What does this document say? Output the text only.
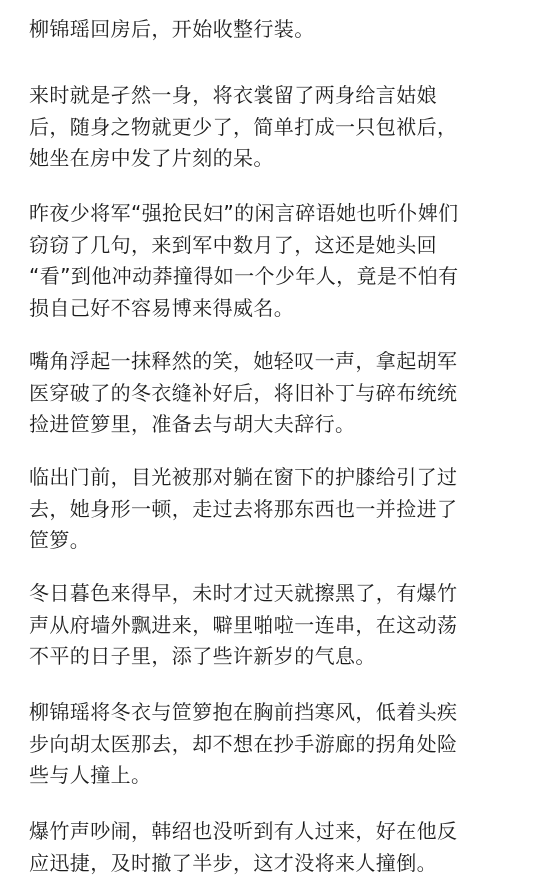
柳锦瑶回房后，开始收整行装。

来时就是孑然一身，将衣裳留了两身给言姑娘
后，随身之物就更少了，简单打成一只包袱后，
她坐在房中发了片刻的呆。

昨夜少将军“强抢民妇”的闲言碎语她也听仆婢们
窃窃了几句，来到军中数月了，这还是她头回
“看”到他冲动莽撞得如一个少年人，竟是不怕有
损自己好不容易博来得威名。

嘴角浮起一抹释然的笑，她轻叹一声，拿起胡军
医穿破了的冬衣缝补好后，将旧补丁与碎布统统
捡进笸箩里，准备去与胡大夫辞行。

临出门前，目光被那对躺在窗下的护膝给引了过
去，她身形一顿，走过去将那东西也一并捡进了
笸箩。

冬日暮色来得早，未时才过天就擦黑了，有爆竹
声从府墙外飘进来，噼里啪啦一连串，在这动荡
不平的日子里，添了些许新岁的气息。

柳锦瑶将冬衣与笸箩抱在胸前挡寒风，低着头疾
步向胡太医那去，却不想在抄手游廊的拐角处险
些与人撞上。

爆竹声吵闹，韩绍也没听到有人过来，好在他反
应迅捷，及时撤了半步，这才没将来人撞倒。
